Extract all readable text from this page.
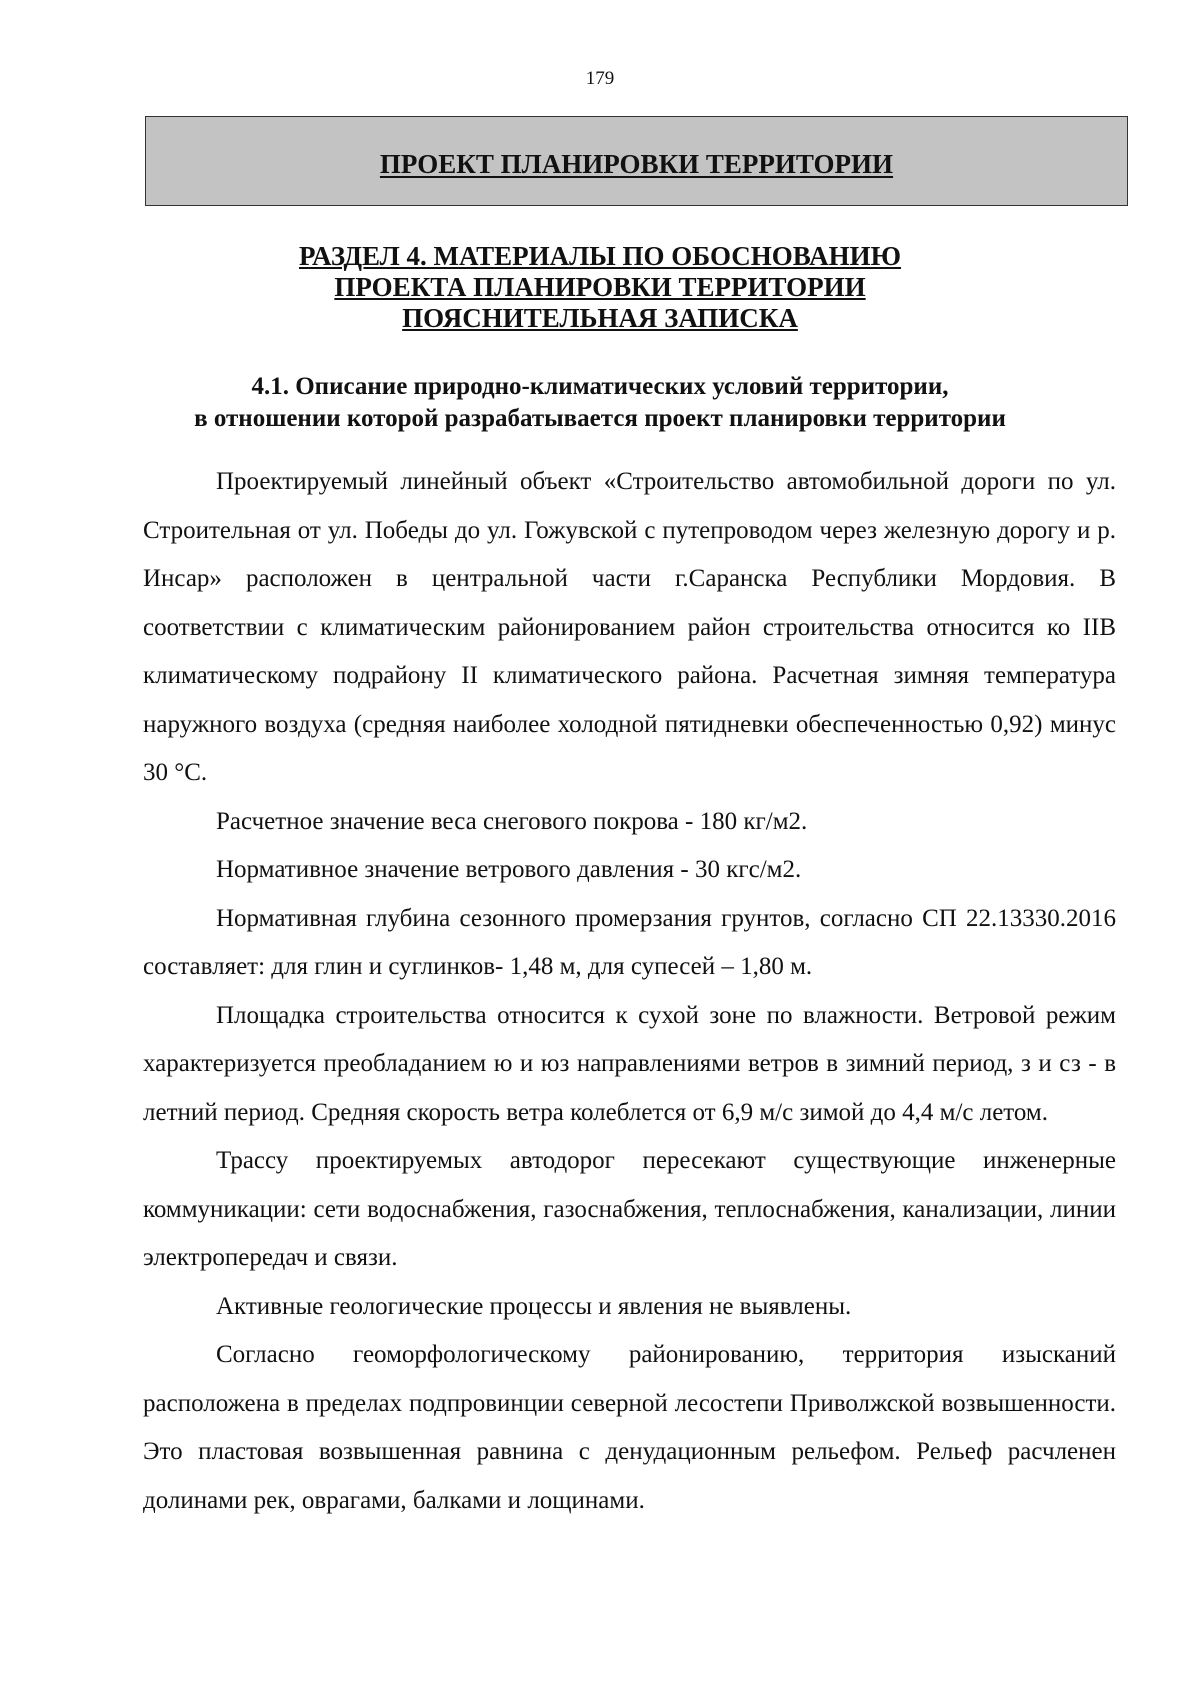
179
ПРОЕКТ ПЛАНИРОВКИ ТЕРРИТОРИИ
РАЗДЕЛ 4. МАТЕРИАЛЫ ПО ОБОСНОВАНИЮ
ПРОЕКТА ПЛАНИРОВКИ ТЕРРИТОРИИ
ПОЯСНИТЕЛЬНАЯ ЗАПИСКА
4.1. Описание природно-климатических условий территории,
в отношении которой разрабатывается проект планировки территории

Проектируемый линейный объект «Строительство автомобильной дороги по ул. Строительная от ул. Победы до ул. Гожувской с путепроводом через железную дорогу и р. Инсар» расположен в центральной части г.Саранска Республики Мордовия. В соответствии с климатическим районированием район строительства относится ко IIВ климатическому подрайону II климатического района. Расчетная зимняя температура наружного воздуха (средняя наиболее холодной пятидневки обеспеченностью 0,92) минус 30 °С.

Расчетное значение веса снегового покрова - 180 кг/м2.

Нормативное значение ветрового давления - 30 кгс/м2.

Нормативная глубина сезонного промерзания грунтов, согласно СП 22.13330.2016 составляет: для глин и суглинков- 1,48 м, для супесей – 1,80 м.

Площадка строительства относится к сухой зоне по влажности. Ветровой режим характеризуется преобладанием ю и юз направлениями ветров в зимний период, з и сз - в летний период. Средняя скорость ветра колеблется от 6,9 м/с зимой до 4,4 м/с летом.

Трассу проектируемых автодорог пересекают существующие инженерные коммуникации: сети водоснабжения, газоснабжения, теплоснабжения, канализации, линии электропередач и связи.

Активные геологические процессы и явления не выявлены.

Согласно геоморфологическому районированию, территория изысканий расположена в пределах подпровинции северной лесостепи Приволжской возвышенности. Это пластовая возвышенная равнина с денудационным рельефом. Рельеф расчленен долинами рек, оврагами, балками и лощинами.
